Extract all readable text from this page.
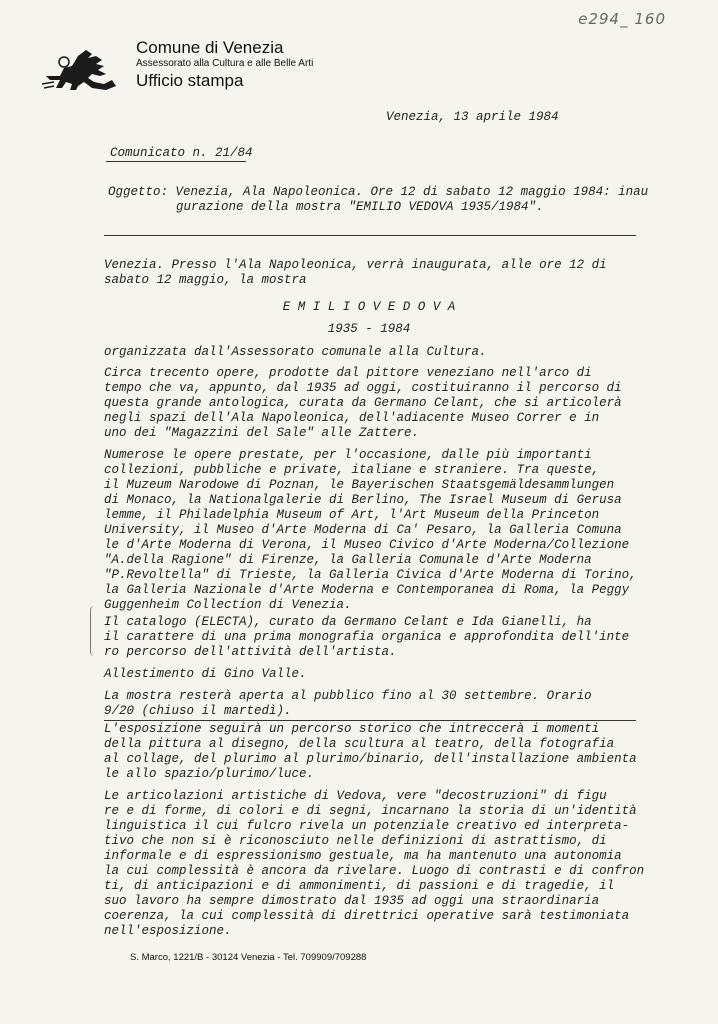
e294_ 160
Comune di Venezia
Assessorato alla Cultura e alle Belle Arti
Ufficio stampa
Venezia, 13 aprile 1984
Comunicato n. 21/84
Oggetto: Venezia, Ala Napoleonica. Ore 12 di sabato 12 maggio 1984: inau
gurazione della mostra "EMILIO VEDOVA 1935/1984".
Venezia. Presso l'Ala Napoleonica, verrà inaugurata, alle ore 12 di
sabato 12 maggio, la mostra
E M I L I O V E D O V A
1935 - 1984
organizzata dall'Assessorato comunale alla Cultura.
Circa trecento opere, prodotte dal pittore veneziano nell'arco di
tempo che va, appunto, dal 1935 ad oggi, costituiranno il percorso di
questa grande antologica, curata da Germano Celant, che si articolerà
negli spazi dell'Ala Napoleonica, dell'adiacente Museo Correr e in
uno dei "Magazzini del Sale" alle Zattere.
Numerose le opere prestate, per l'occasione, dalle più importanti
collezioni, pubbliche e private, italiane e straniere. Tra queste,
il Muzeum Narodowe di Poznan, le Bayerischen Staatsgemäldesammlungen
di Monaco, la Nationalgalerie di Berlino, The Israel Museum di Gerusa
lemme, il Philadelphia Museum of Art, l'Art Museum della Princeton
University, il Museo d'Arte Moderna di Ca' Pesaro, la Galleria Comuna
le d'Arte Moderna di Verona, il Museo Civico d'Arte Moderna/Collezione
"A.della Ragione" di Firenze, la Galleria Comunale d'Arte Moderna
"P.Revoltella" di Trieste, la Galleria Civica d'Arte Moderna di Torino,
la Galleria Nazionale d'Arte Moderna e Contemporanea di Roma, la Peggy
Guggenheim Collection di Venezia.
Il catalogo (ELECTA), curato da Germano Celant e Ida Gianelli, ha
il carattere di una prima monografia organica e approfondita dell'inte
ro percorso dell'attività dell'artista.
Allestimento di Gino Valle.
La mostra resterà aperta al pubblico fino al 30 settembre. Orario
9/20 (chiuso il martedì).
L'esposizione seguirà un percorso storico che intreccerà i momenti
della pittura al disegno, della scultura al teatro, della fotografia
al collage, del plurimo al plurimo/binario, dell'installazione ambienta
le allo spazio/plurimo/luce.
Le articolazioni artistiche di Vedova, vere "decostruzioni" di figu
re e di forme, di colori e di segni, incarnano la storia di un'identità
linguistica il cui fulcro rivela un potenziale creativo ed interpreta-
tivo che non si è riconosciuto nelle definizioni di astrattismo, di
informale e di espressionismo gestuale, ma ha mantenuto una autonomia
la cui complessità è ancora da rivelare. Luogo di contrasti e di confron
ti, di anticipazioni e di ammonimenti, di passioni e di tragedie, il
suo lavoro ha sempre dimostrato dal 1935 ad oggi una straordinaria
coerenza, la cui complessità di direttrici operative sarà testimoniata
nell'esposizione.
S. Marco, 1221/B - 30124 Venezia - Tel. 709909/709288
